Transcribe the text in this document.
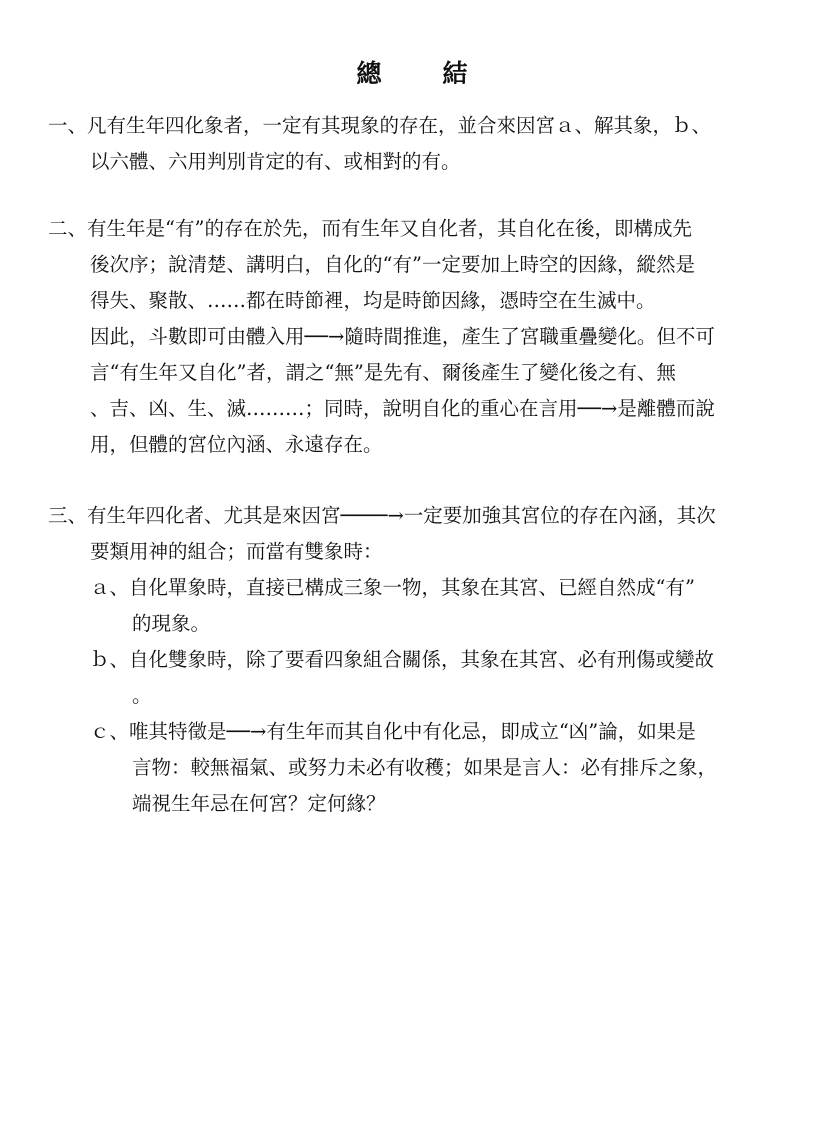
總　結
一、凡有生年四化象者，一定有其現象的存在，並合來因宮ａ、解其象，ｂ、
以六體、六用判別肯定的有、或相對的有。
二、有生年是“有”的存在於先，而有生年又自化者，其自化在後，即構成先
後次序；說清楚、講明白，自化的“有”一定要加上時空的因緣，縱然是
得失、聚散、……都在時節裡，均是時節因緣，憑時空在生滅中。
因此，斗數即可由體入用──→隨時間推進，產生了宮職重疊變化。但不可
言“有生年又自化”者，謂之“無”是先有、爾後產生了變化後之有、無
、吉、凶、生、滅………；同時，說明自化的重心在言用──→是離體而說
用，但體的宮位內涵、永遠存在。
三、有生年四化者、尤其是來因宮────→一定要加強其宮位的存在內涵，其次
要類用神的組合；而當有雙象時：
ａ、自化單象時，直接已構成三象一物，其象在其宮、已經自然成“有”
的現象。
ｂ、自化雙象時，除了要看四象組合關係，其象在其宮、必有刑傷或變故
。
ｃ、唯其特徵是──→有生年而其自化中有化忌，即成立“凶”論，如果是
言物：較無福氣、或努力未必有收穫；如果是言人：必有排斥之象，
端視生年忌在何宮？定何緣？
